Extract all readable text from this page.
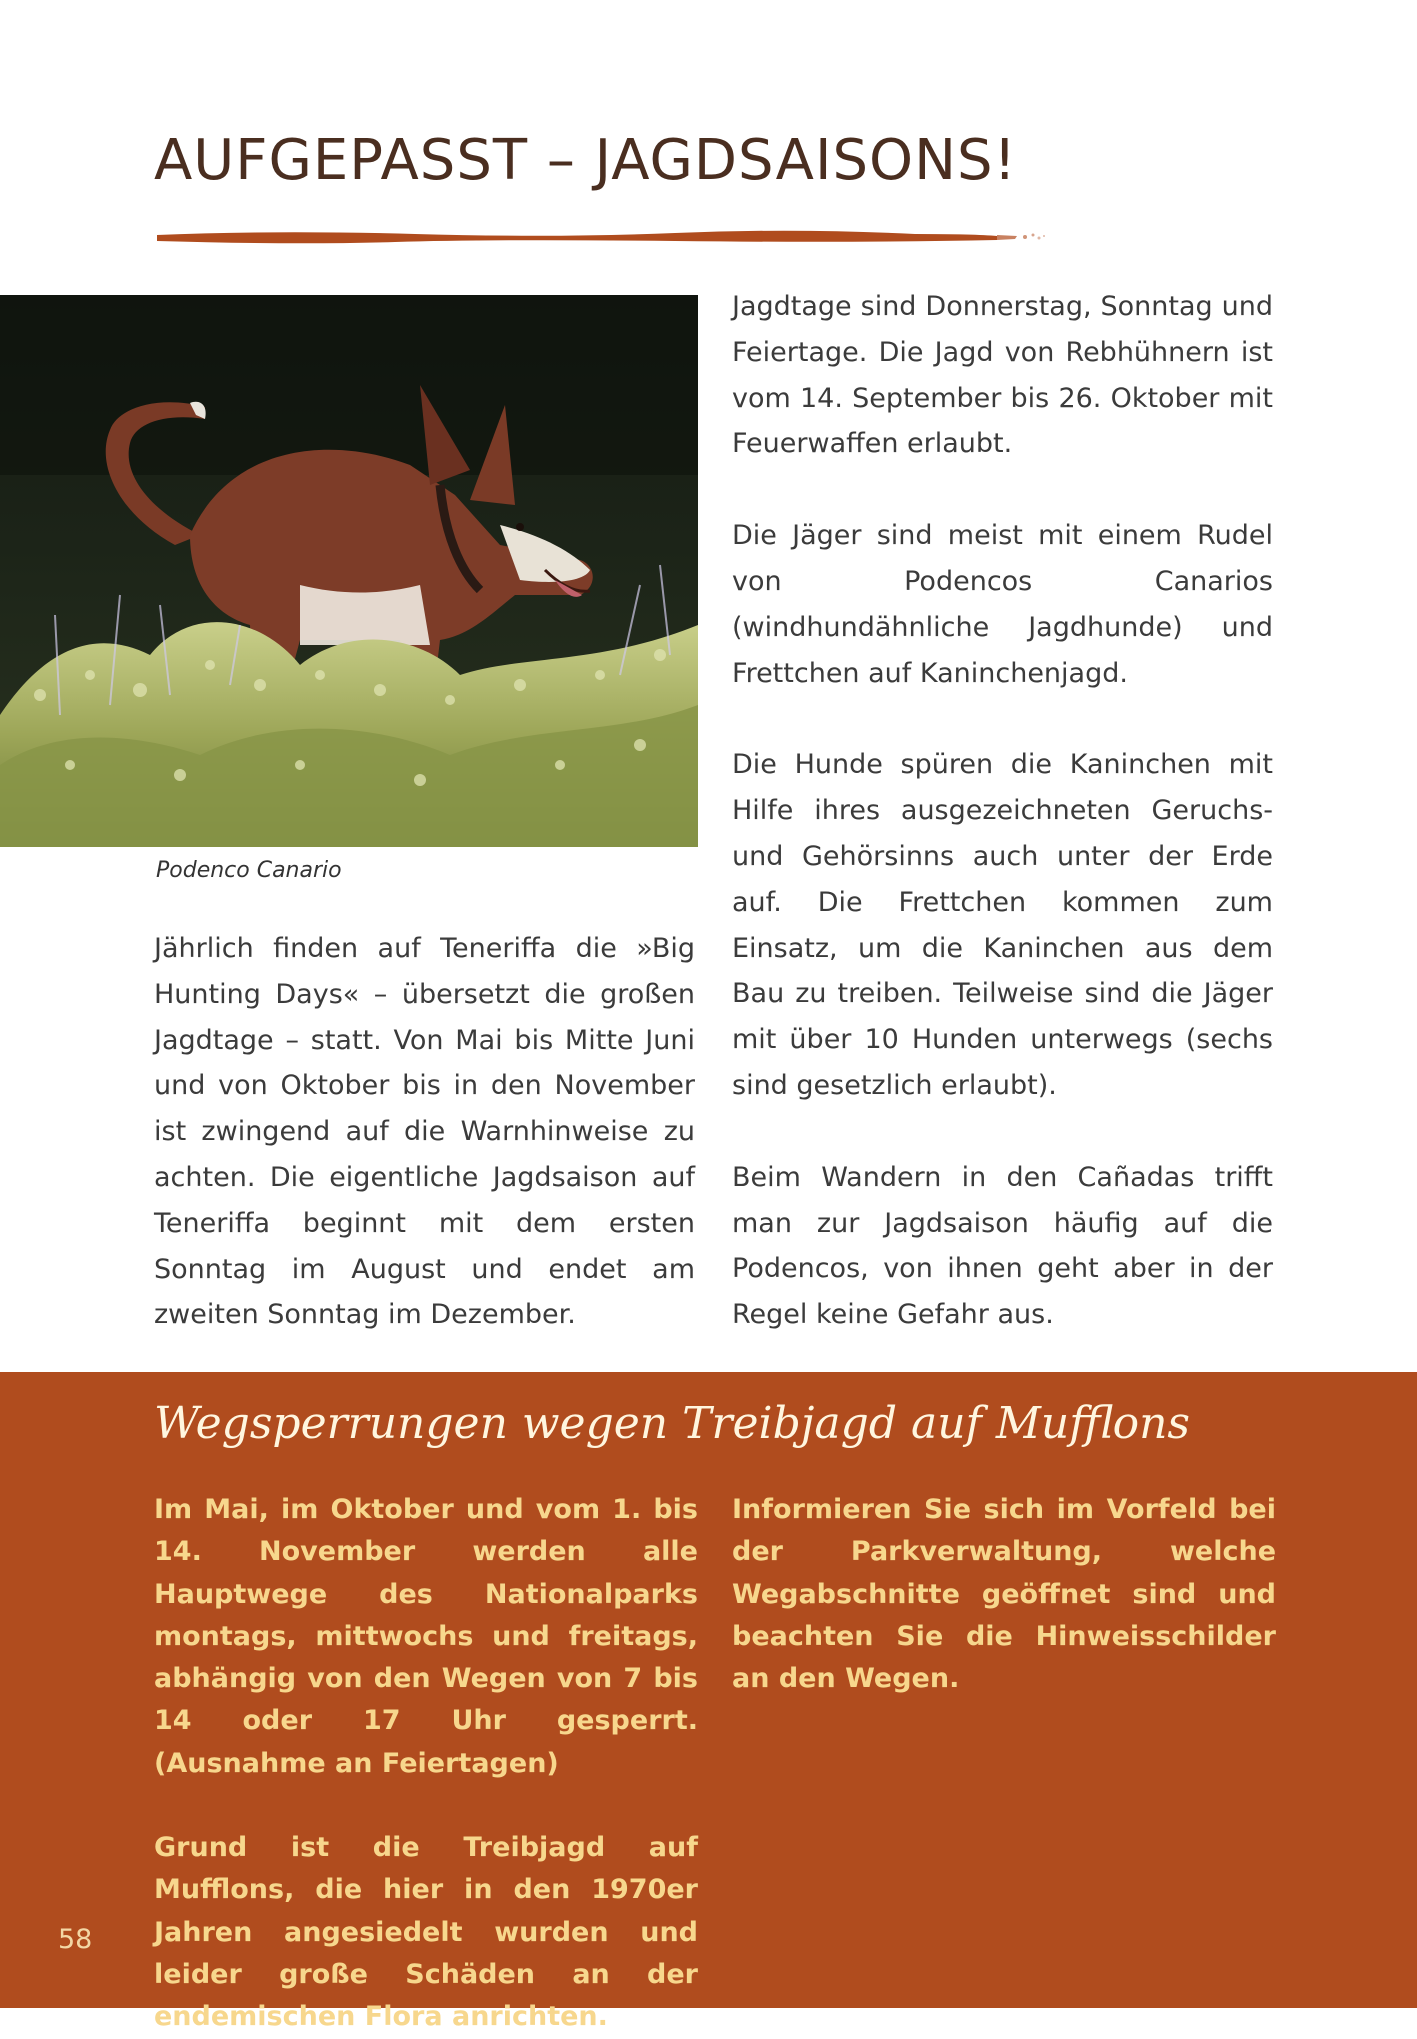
AUFGEPASST – JAGDSAISONS!

Podenco Canario

Jährlich finden auf Teneriffa die »Big Hunting Days« – übersetzt die großen Jagdtage – statt. Von Mai bis Mitte Juni und von Oktober bis in den November ist zwingend auf die Warnhinweise zu achten. Die eigentliche Jagdsaison auf Teneriffa beginnt mit dem ersten Sonntag im August und endet am zweiten Sonntag im Dezember.

Jagdtage sind Donnerstag, Sonntag und Feiertage. Die Jagd von Rebhühnern ist vom 14. September bis 26. Oktober mit Feuerwaffen erlaubt.

Die Jäger sind meist mit einem Rudel von Podencos Canarios (windhundähnliche Jagdhunde) und Frettchen auf Kaninchenjagd.

Die Hunde spüren die Kaninchen mit Hilfe ihres ausgezeichneten Geruchs- und Gehörsinns auch unter der Erde auf. Die Frettchen kommen zum Einsatz, um die Kaninchen aus dem Bau zu treiben. Teilweise sind die Jäger mit über 10 Hunden unterwegs (sechs sind gesetzlich erlaubt).

Beim Wandern in den Cañadas trifft man zur Jagdsaison häufig auf die Podencos, von ihnen geht aber in der Regel keine Gefahr aus.

Wegsperrungen wegen Treibjagd auf Mufflons

Im Mai, im Oktober und vom 1. bis 14. November werden alle Hauptwege des Nationalparks montags, mittwochs und freitags, abhängig von den Wegen von 7 bis 14 oder 17 Uhr gesperrt. (Ausnahme an Feiertagen)

Grund ist die Treibjagd auf Mufflons, die hier in den 1970er Jahren angesiedelt wurden und leider große Schäden an der endemischen Flora anrichten.

Informieren Sie sich im Vorfeld bei der Parkverwaltung, welche Wegabschnitte geöffnet sind und beachten Sie die Hinweisschilder an den Wegen.

58
